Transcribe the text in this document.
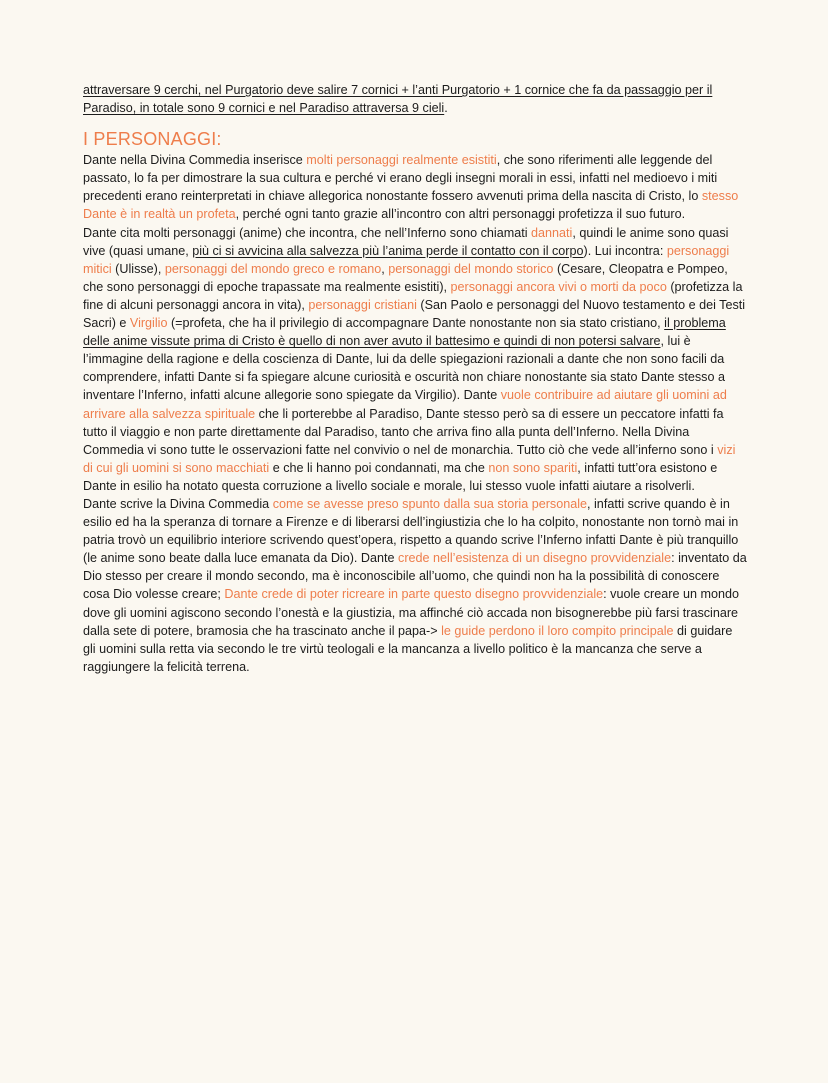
attraversare 9 cerchi, nel Purgatorio deve salire 7 cornici + l’anti Purgatorio + 1 cornice che fa da passaggio per il Paradiso, in totale sono 9 cornici e nel Paradiso attraversa 9 cieli.

I PERSONAGGI:

Dante nella Divina Commedia inserisce molti personaggi realmente esistiti, che sono riferimenti alle leggende del passato, lo fa per dimostrare la sua cultura e perché vi erano degli insegni morali in essi, infatti nel medioevo i miti precedenti erano reinterpretati in chiave allegorica nonostante fossero avvenuti prima della nascita di Cristo, lo stesso Dante è in realtà un profeta, perché ogni tanto grazie all’incontro con altri personaggi profetizza il suo futuro.

Dante cita molti personaggi (anime) che incontra, che nell’Inferno sono chiamati dannati, quindi le anime sono quasi vive (quasi umane, più ci si avvicina alla salvezza più l’anima perde il contatto con il corpo). Lui incontra: personaggi mitici (Ulisse), personaggi del mondo greco e romano, personaggi del mondo storico (Cesare, Cleopatra e Pompeo, che sono personaggi di epoche trapassate ma realmente esistiti), personaggi ancora vivi o morti da poco (profetizza la fine di alcuni personaggi ancora in vita), personaggi cristiani (San Paolo e personaggi del Nuovo testamento e dei Testi Sacri) e Virgilio (=profeta, che ha il privilegio di accompagnare Dante nonostante non sia stato cristiano, il problema delle anime vissute prima di Cristo è quello di non aver avuto il battesimo e quindi di non potersi salvare, lui è l’immagine della ragione e della coscienza di Dante, lui da delle spiegazioni razionali a dante che non sono facili da comprendere, infatti Dante si fa spiegare alcune curiosità e oscurità non chiare nonostante sia stato Dante stesso a inventare l’Inferno, infatti alcune allegorie sono spiegate da Virgilio). Dante vuole contribuire ad aiutare gli uomini ad arrivare alla salvezza spirituale che li porterebbe al Paradiso, Dante stesso però sa di essere un peccatore infatti fa tutto il viaggio e non parte direttamente dal Paradiso, tanto che arriva fino alla punta dell’Inferno. Nella Divina Commedia vi sono tutte le osservazioni fatte nel convivio o nel de monarchia. Tutto ciò che vede all’inferno sono i vizi di cui gli uomini si sono macchiati e che li hanno poi condannati, ma che non sono spariti, infatti tutt’ora esistono e Dante in esilio ha notato questa corruzione a livello sociale e morale, lui stesso vuole infatti aiutare a risolverli.

Dante scrive la Divina Commedia come se avesse preso spunto dalla sua storia personale, infatti scrive quando è in esilio ed ha la speranza di tornare a Firenze e di liberarsi dell’ingiustizia che lo ha colpito, nonostante non tornò mai in patria trovò un equilibrio interiore scrivendo quest’opera, rispetto a quando scrive l’Inferno infatti Dante è più tranquillo (le anime sono beate dalla luce emanata da Dio). Dante crede nell’esistenza di un disegno provvidenziale: inventato da Dio stesso per creare il mondo secondo, ma è inconoscibile all’uomo, che quindi non ha la possibilità di conoscere cosa Dio volesse creare; Dante crede di poter ricreare in parte questo disegno provvidenziale: vuole creare un mondo dove gli uomini agiscono secondo l’onestà e la giustizia, ma affinché ciò accada non bisognerebbe più farsi trascinare dalla sete di potere, bramosia che ha trascinato anche il papa-> le guide perdono il loro compito principale di guidare gli uomini sulla retta via secondo le tre virtù teologali e la mancanza a livello politico è la mancanza che serve a raggiungere la felicità terrena.
